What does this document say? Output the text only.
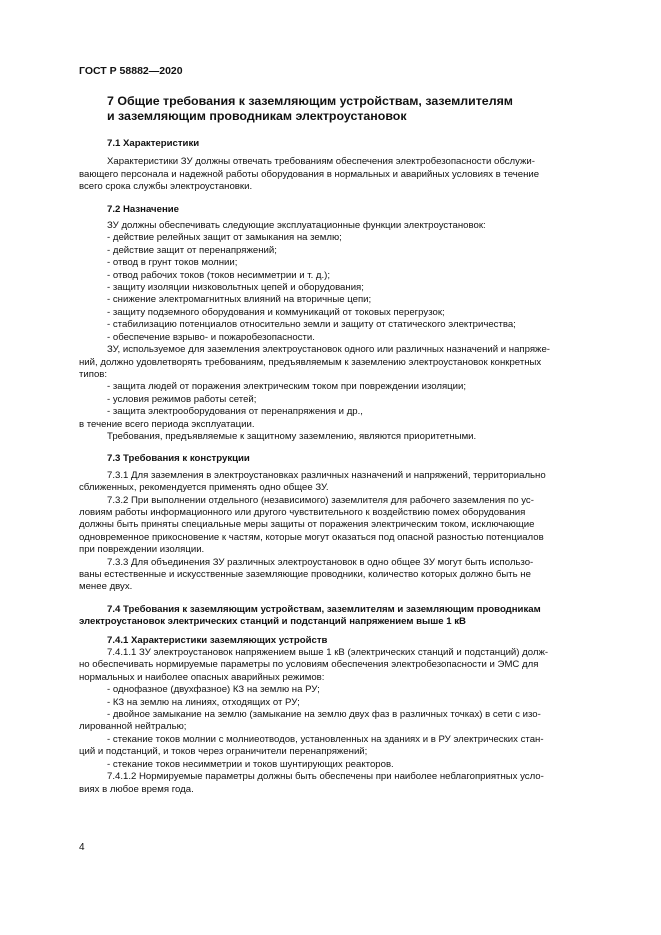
ГОСТ Р 58882—2020
7 Общие требования к заземляющим устройствам, заземлителям
и заземляющим проводникам электроустановок
7.1 Характеристики
Характеристики ЗУ должны отвечать требованиям обеспечения электробезопасности обслужи-
вающего персонала и надежной работы оборудования в нормальных и аварийных условиях в течение
всего срока службы электроустановки.
7.2 Назначение
ЗУ должны обеспечивать следующие эксплуатационные функции электроустановок:
- действие релейных защит от замыкания на землю;
- действие защит от перенапряжений;
- отвод в грунт токов молнии;
- отвод рабочих токов (токов несимметрии и т. д.);
- защиту изоляции низковольтных цепей и оборудования;
- снижение электромагнитных влияний на вторичные цепи;
- защиту подземного оборудования и коммуникаций от токовых перегрузок;
- стабилизацию потенциалов относительно земли и защиту от статического электричества;
- обеспечение взрыво- и пожаробезопасности.
ЗУ, используемое для заземления электроустановок одного или различных назначений и напряже-
ний, должно удовлетворять требованиям, предъявляемым к заземлению электроустановок конкретных
типов:
- защита людей от поражения электрическим током при повреждении изоляции;
- условия режимов работы сетей;
- защита электрооборудования от перенапряжения и др.,
в течение всего периода эксплуатации.
Требования, предъявляемые к защитному заземлению, являются приоритетными.
7.3 Требования к конструкции
7.3.1 Для заземления в электроустановках различных назначений и напряжений, территориально
сближенных, рекомендуется применять одно общее ЗУ.
7.3.2 При выполнении отдельного (независимого) заземлителя для рабочего заземления по ус-
ловиям работы информационного или другого чувствительного к воздействию помех оборудования
должны быть приняты специальные меры защиты от поражения электрическим током, исключающие
одновременное прикосновение к частям, которые могут оказаться под опасной разностью потенциалов
при повреждении изоляции.
7.3.3 Для объединения ЗУ различных электроустановок в одно общее ЗУ могут быть использо-
ваны естественные и искусственные заземляющие проводники, количество которых должно быть не
менее двух.
7.4 Требования к заземляющим устройствам, заземлителям и заземляющим проводникам
электроустановок электрических станций и подстанций напряжением выше 1 кВ
7.4.1 Характеристики заземляющих устройств
7.4.1.1 ЗУ электроустановок напряжением выше 1 кВ (электрических станций и подстанций) долж-
но обеспечивать нормируемые параметры по условиям обеспечения электробезопасности и ЭМС для
нормальных и наиболее опасных аварийных режимов:
- однофазное (двухфазное) КЗ на землю на РУ;
- КЗ на землю на линиях, отходящих от РУ;
- двойное замыкание на землю (замыкание на землю двух фаз в различных точках) в сети с изо-
лированной нейтралью;
- стекание токов молнии с молниеотводов, установленных на зданиях и в РУ электрических стан-
ций и подстанций, и токов через ограничители перенапряжений;
- стекание токов несимметрии и токов шунтирующих реакторов.
7.4.1.2 Нормируемые параметры должны быть обеспечены при наиболее неблагоприятных усло-
виях в любое время года.
4
